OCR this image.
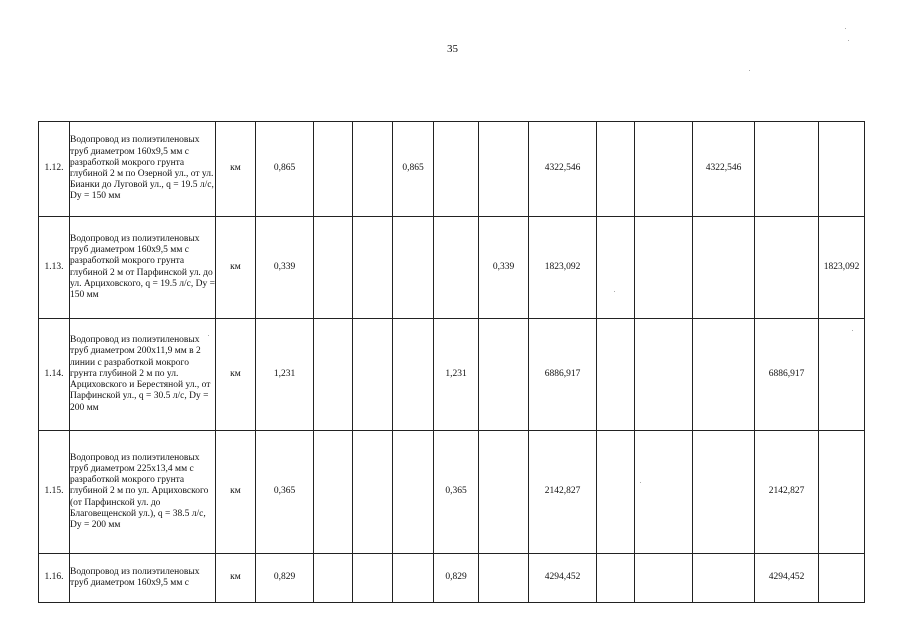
35
1.12.	Водопровод из полиэтиленовых труб диаметром 160х9,5 мм с разработкой мокрого грунта глубиной 2 м по Озерной ул., от ул. Бианки до Луговой ул., q = 19.5 л/с, Dy = 150 мм	км	0,865			0,865			4322,546			4322,546		
1.13.	Водопровод из полиэтиленовых труб диаметром 160х9,5 мм с разработкой мокрого грунта глубиной 2 м от Парфинской ул. до ул. Арциховского, q = 19.5 л/с, Dy = 150 мм	км	0,339					0,339	1823,092					1823,092
1.14.	Водопровод из полиэтиленовых труб диаметром 200х11,9 мм в 2 линии с разработкой мокрого грунта глубиной 2 м по ул. Арциховского и Берестяной ул., от Парфинской ул., q = 30.5 л/с, Dy = 200 мм	км	1,231				1,231		6886,917				6886,917	
1.15.	Водопровод из полиэтиленовых труб диаметром 225х13,4 мм с разработкой мокрого грунта глубиной 2 м по ул. Арциховского (от Парфинской ул. до Благовещенской ул.), q = 38.5 л/с, Dy = 200 мм	км	0,365				0,365		2142,827				2142,827	
1.16.	Водопровод из полиэтиленовых труб диаметром 160х9,5 мм с	км	0,829				0,829		4294,452				4294,452	
